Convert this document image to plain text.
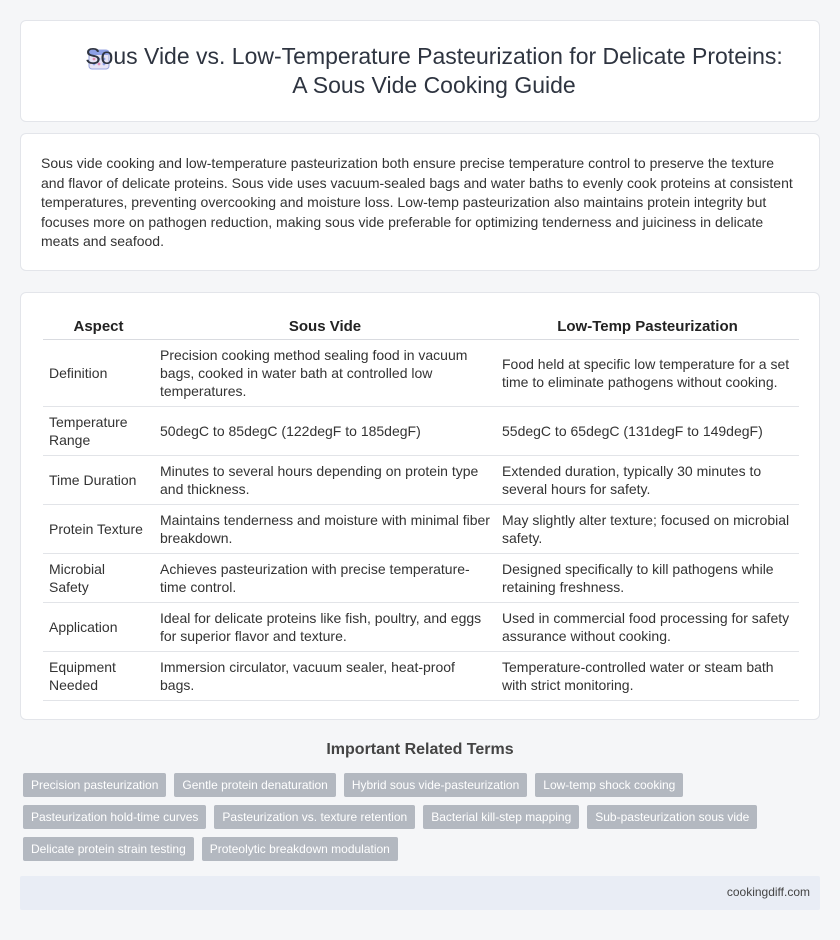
Sous Vide vs. Low-Temperature Pasteurization for Delicate Proteins: A Sous Vide Cooking Guide

Sous vide cooking and low-temperature pasteurization both ensure precise temperature control to preserve the texture and flavor of delicate proteins. Sous vide uses vacuum-sealed bags and water baths to evenly cook proteins at consistent temperatures, preventing overcooking and moisture loss. Low-temp pasteurization also maintains protein integrity but focuses more on pathogen reduction, making sous vide preferable for optimizing tenderness and juiciness in delicate meats and seafood.

Aspect	Sous Vide	Low-Temp Pasteurization
Definition	Precision cooking method sealing food in vacuum bags, cooked in water bath at controlled low temperatures.	Food held at specific low temperature for a set time to eliminate pathogens without cooking.
Temperature Range	50degC to 85degC (122degF to 185degF)	55degC to 65degC (131degF to 149degF)
Time Duration	Minutes to several hours depending on protein type and thickness.	Extended duration, typically 30 minutes to several hours for safety.
Protein Texture	Maintains tenderness and moisture with minimal fiber breakdown.	May slightly alter texture; focused on microbial safety.
Microbial Safety	Achieves pasteurization with precise temperature-time control.	Designed specifically to kill pathogens while retaining freshness.
Application	Ideal for delicate proteins like fish, poultry, and eggs for superior flavor and texture.	Used in commercial food processing for safety assurance without cooking.
Equipment Needed	Immersion circulator, vacuum sealer, heat-proof bags.	Temperature-controlled water or steam bath with strict monitoring.
Important Related Terms
Precision pasteurization	Gentle protein denaturation	Hybrid sous vide-pasteurization	Low-temp shock cooking
Pasteurization hold-time curves	Pasteurization vs. texture retention	Bacterial kill-step mapping	Sub-pasteurization sous vide
Delicate protein strain testing	Proteolytic breakdown modulation
cookingdiff.com
